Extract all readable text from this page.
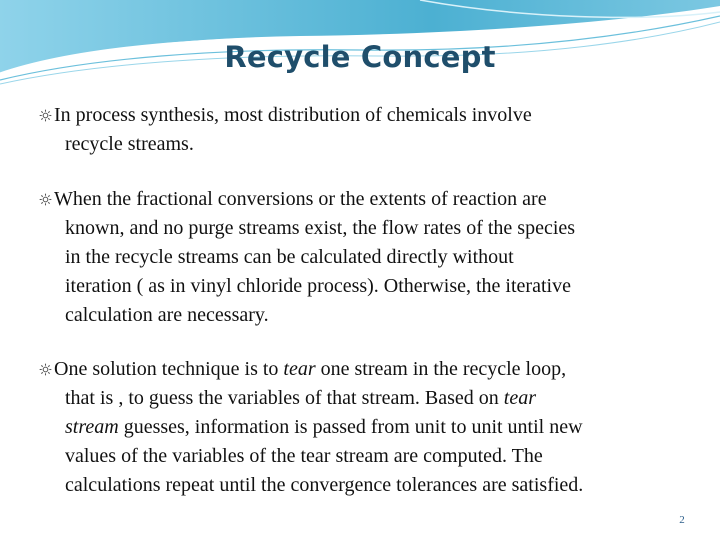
Recycle Concept
In process synthesis, most distribution of chemicals involve
recycle streams.
When the fractional conversions or the extents of reaction are
known, and no purge streams exist, the flow rates of the species
in the recycle streams can be calculated directly without
iteration ( as in vinyl chloride process). Otherwise, the iterative
calculation are necessary.
One solution technique is to tear one stream in the recycle loop,
that is , to guess the variables of that stream. Based on tear
stream guesses, information is passed from unit to unit until new
values of the variables of the tear stream are computed. The
calculations repeat until the convergence tolerances are satisfied.
2
